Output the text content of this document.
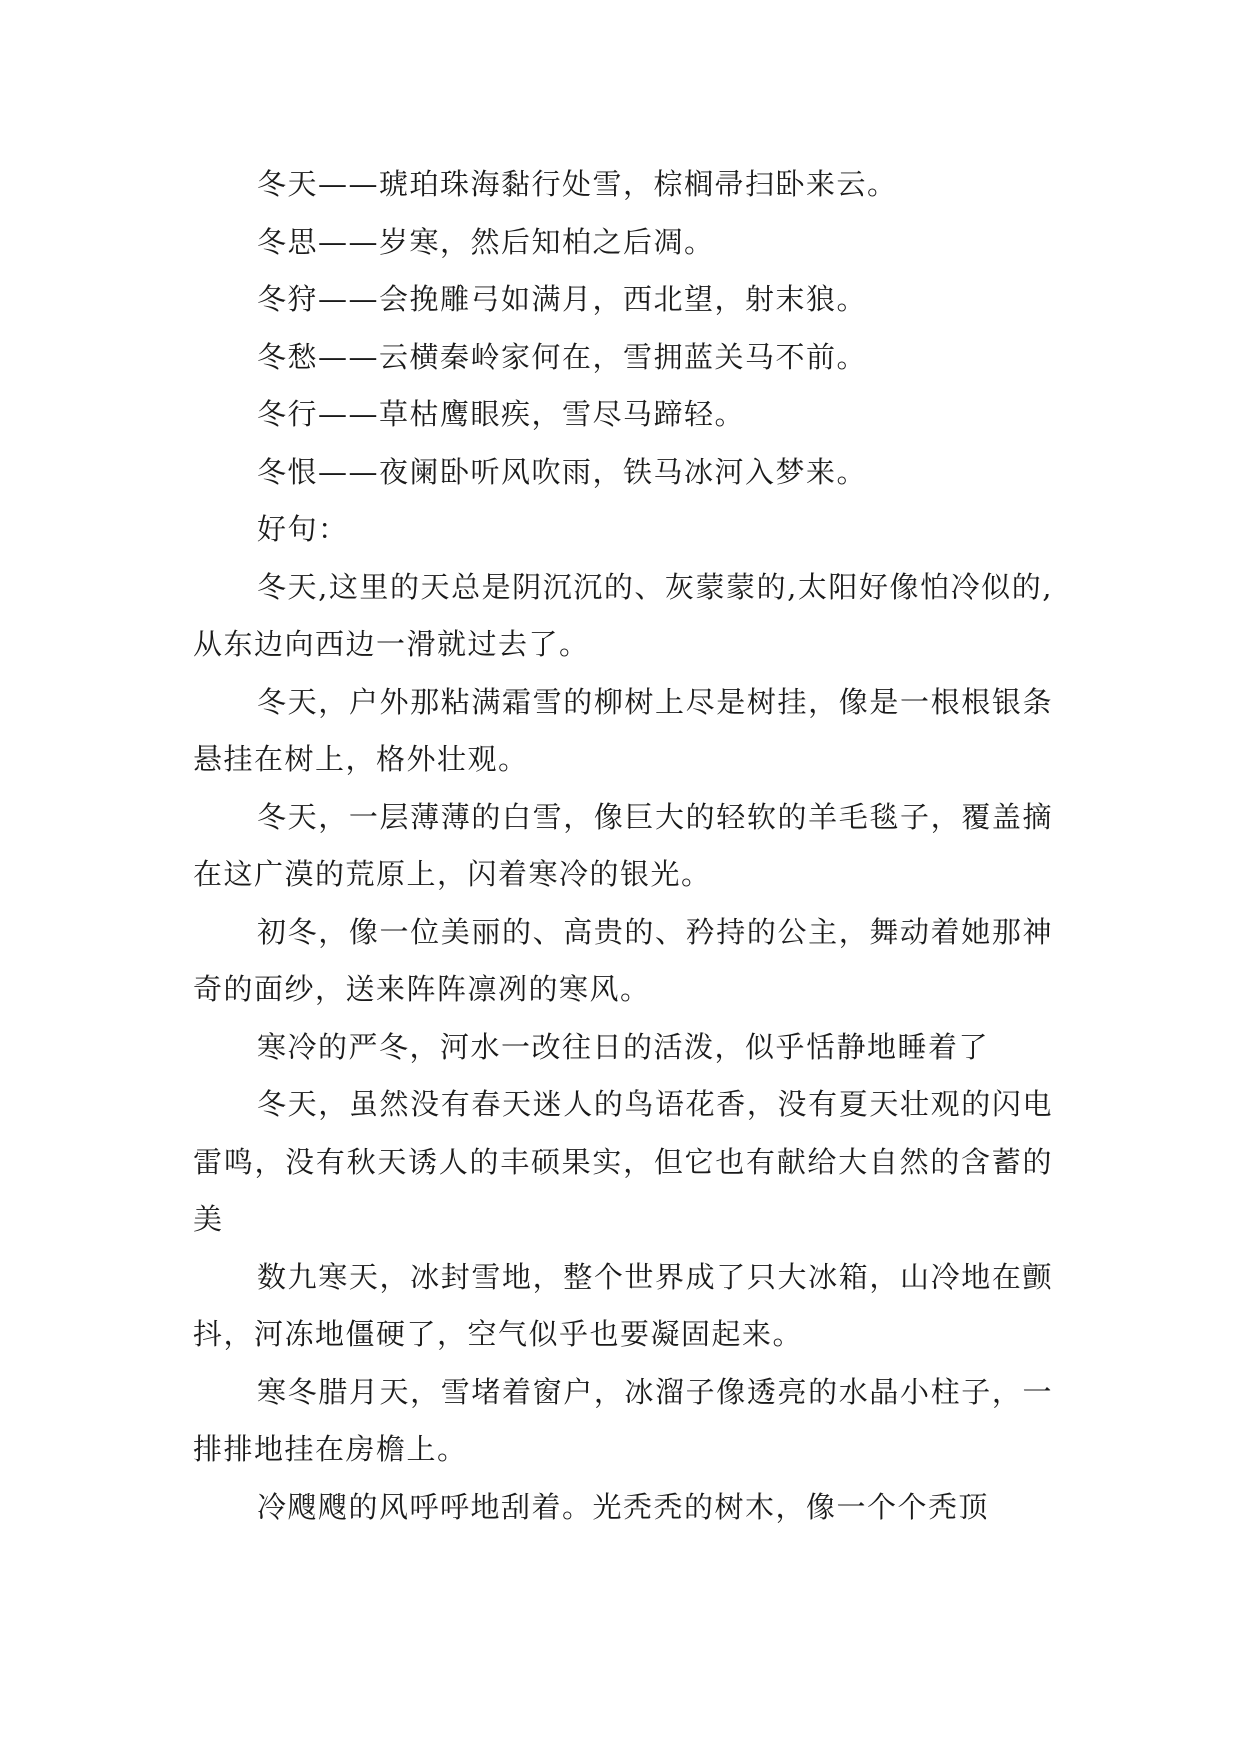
冬天——琥珀珠海黏行处雪，棕榈帚扫卧来云。

冬思——岁寒，然后知柏之后凋。

冬狩——会挽雕弓如满月，西北望，射末狼。

冬愁——云横秦岭家何在，雪拥蓝关马不前。

冬行——草枯鹰眼疾，雪尽马蹄轻。

冬恨——夜阑卧听风吹雨，铁马冰河入梦来。

好句：

冬天,这里的天总是阴沉沉的、灰蒙蒙的,太阳好像怕冷似的,从东边向西边一滑就过去了。

冬天，户外那粘满霜雪的柳树上尽是树挂，像是一根根银条悬挂在树上，格外壮观。

冬天，一层薄薄的白雪，像巨大的轻软的羊毛毯子，覆盖摘在这广漠的荒原上，闪着寒冷的银光。

初冬，像一位美丽的、高贵的、矜持的公主，舞动着她那神奇的面纱，送来阵阵凛冽的寒风。

寒冷的严冬，河水一改往日的活泼，似乎恬静地睡着了

冬天，虽然没有春天迷人的鸟语花香，没有夏天壮观的闪电雷鸣，没有秋天诱人的丰硕果实，但它也有献给大自然的含蓄的美

数九寒天，冰封雪地，整个世界成了只大冰箱，山冷地在颤抖，河冻地僵硬了，空气似乎也要凝固起来。

寒冬腊月天，雪堵着窗户，冰溜子像透亮的水晶小柱子，一排排地挂在房檐上。

冷飕飕的风呼呼地刮着。光秃秃的树木，像一个个秃顶
